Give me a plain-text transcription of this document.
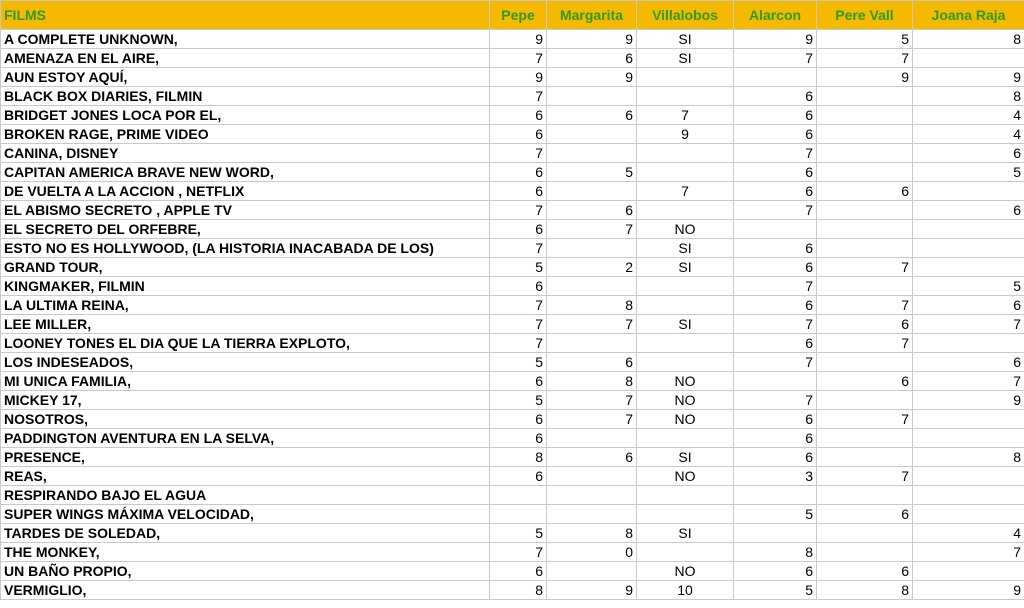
FILMS	Pepe	Margarita	Villalobos	Alarcon	Pere Vall	Joana Raja
A COMPLETE UNKNOWN,	9	9	SI	9	5	8
AMENAZA EN EL AIRE,	7	6	SI	7	7	
AUN ESTOY AQUÍ,	9	9			9	9
BLACK BOX DIARIES, FILMIN	7			6		8
BRIDGET JONES LOCA POR EL,	6	6	7	6		4
BROKEN RAGE, PRIME VIDEO	6		9	6		4
CANINA, DISNEY	7			7		6
CAPITAN AMERICA BRAVE NEW WORD,	6	5		6		5
DE VUELTA A LA ACCION , NETFLIX	6		7	6	6	
EL ABISMO SECRETO , APPLE TV	7	6		7		6
EL SECRETO DEL ORFEBRE,	6	7	NO			
ESTO NO ES HOLLYWOOD, (LA HISTORIA INACABADA DE LOS)	7		SI	6		
GRAND TOUR,	5	2	SI	6	7	
KINGMAKER, FILMIN	6			7		5
LA ULTIMA REINA,	7	8		6	7	6
LEE MILLER,	7	7	SI	7	6	7
LOONEY TONES EL DIA QUE LA TIERRA EXPLOTO,	7			6	7	
LOS INDESEADOS,	5	6		7		6
MI UNICA FAMILIA,	6	8	NO		6	7
MICKEY 17,	5	7	NO	7		9
NOSOTROS,	6	7	NO	6	7	
PADDINGTON AVENTURA EN LA SELVA,	6			6		
PRESENCE,	8	6	SI	6		8
REAS,	6		NO	3	7	
RESPIRANDO BAJO EL AGUA						
SUPER WINGS MÁXIMA VELOCIDAD,				5	6	
TARDES DE SOLEDAD,	5	8	SI			4
THE MONKEY,	7	0		8		7
UN BAÑO PROPIO,	6		NO	6	6	
VERMIGLIO,	8	9	10	5	8	9
